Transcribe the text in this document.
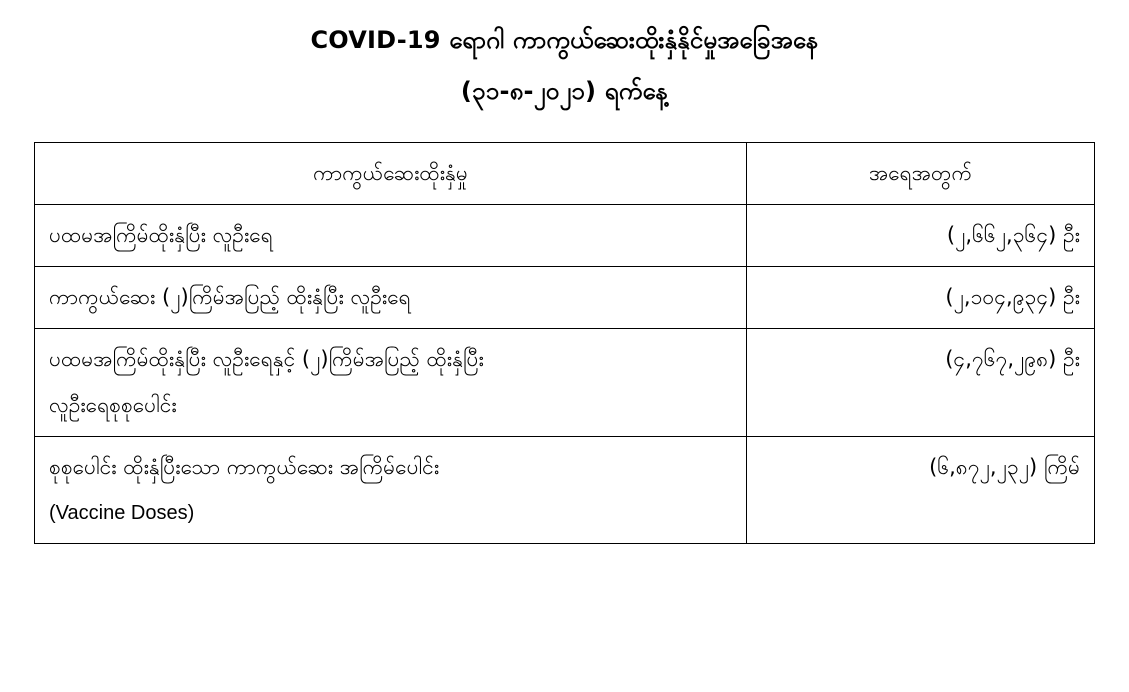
COVID-19 ရောဂါ ကာကွယ်ဆေးထိုးနှံနိုင်မှုအခြေအနေ
(၃၁-၈-၂၀၂၁) ရက်နေ့
ကာကွယ်ဆေးထိုးနှံမှု	အရေအတွက်
ပထမအကြိမ်ထိုးနှံပြီး လူဦးရေ	(၂,၆၆၂,၃၆၄) ဦး
ကာကွယ်ဆေး (၂)ကြိမ်အပြည့် ထိုးနှံပြီး လူဦးရေ	(၂,၁၀၄,၉၃၄) ဦး
ပထမအကြိမ်ထိုးနှံပြီး လူဦးရေနှင့် (၂)ကြိမ်အပြည့် ထိုးနှံပြီး
လူဦးရေစုစုပေါင်း	(၄,၇၆၇,၂၉၈) ဦး
စုစုပေါင်း ထိုးနှံပြီးသော ကာကွယ်ဆေး အကြိမ်ပေါင်း
(Vaccine Doses)	(၆,၈၇၂,၂၃၂) ကြိမ်
